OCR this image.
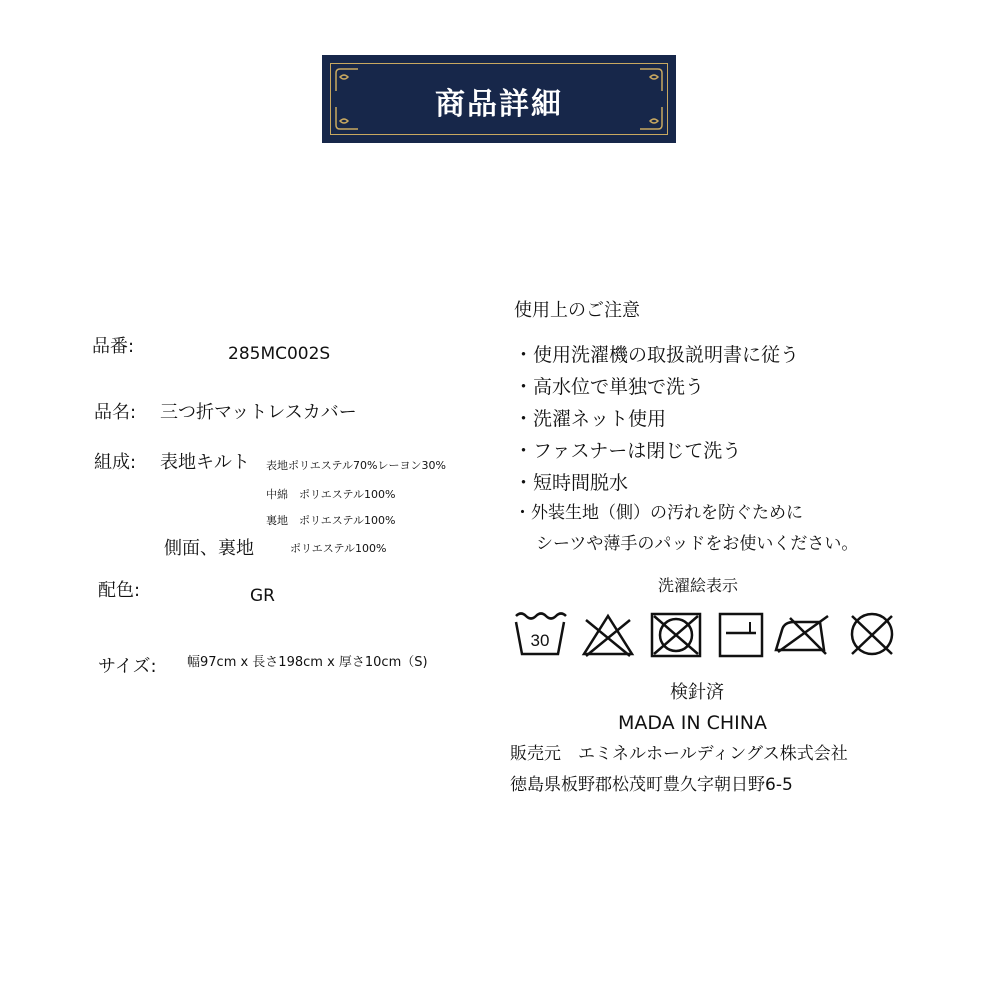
商品詳細
品番:	285MC002S
品名: 三つ折マットレスカバー
組成: 表地キルト 表地ポリエステル70%レーヨン30%
中綿　ポリエステル100%
裏地　ポリエステル100%
側面、裏地	ポリエステル100%
配色:	GR
サイズ: 幅97cm x 長さ198cm x 厚さ10cm（S)
使用上のご注意
・使用洗濯機の取扱説明書に従う
・高水位で単独で洗う
・洗濯ネット使用
・ファスナーは閉じて洗う
・短時間脱水
・外装生地（側）の汚れを防ぐために
シーツや薄手のパッドをお使いください。
洗濯絵表示
30
検針済
MADA IN CHINA
販売元　エミネルホールディングス株式会社
徳島県板野郡松茂町豊久字朝日野6-5
